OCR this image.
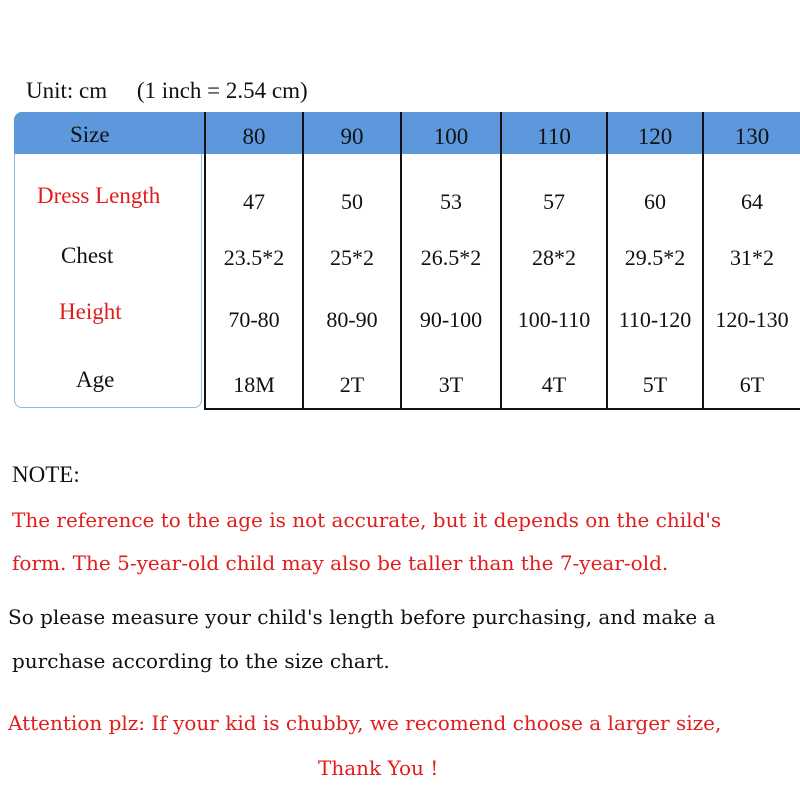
Unit: cm (1 inch = 2.54 cm)
Size	80	90	100	110	120	130
Dress Length	47	50	53	57	60	64
Chest	23.5*2	25*2	26.5*2	28*2	29.5*2	31*2
Height	70-80	80-90	90-100	100-110	110-120	120-130
Age	18M	2T	3T	4T	5T	6T
NOTE:
The reference to the age is not accurate, but it depends on the child's
form. The 5-year-old child may also be taller than the 7-year-old.
So please measure your child's length before purchasing, and make a
purchase according to the size chart.
Attention plz: If your kid is chubby, we recomend choose a larger size,
Thank You !
